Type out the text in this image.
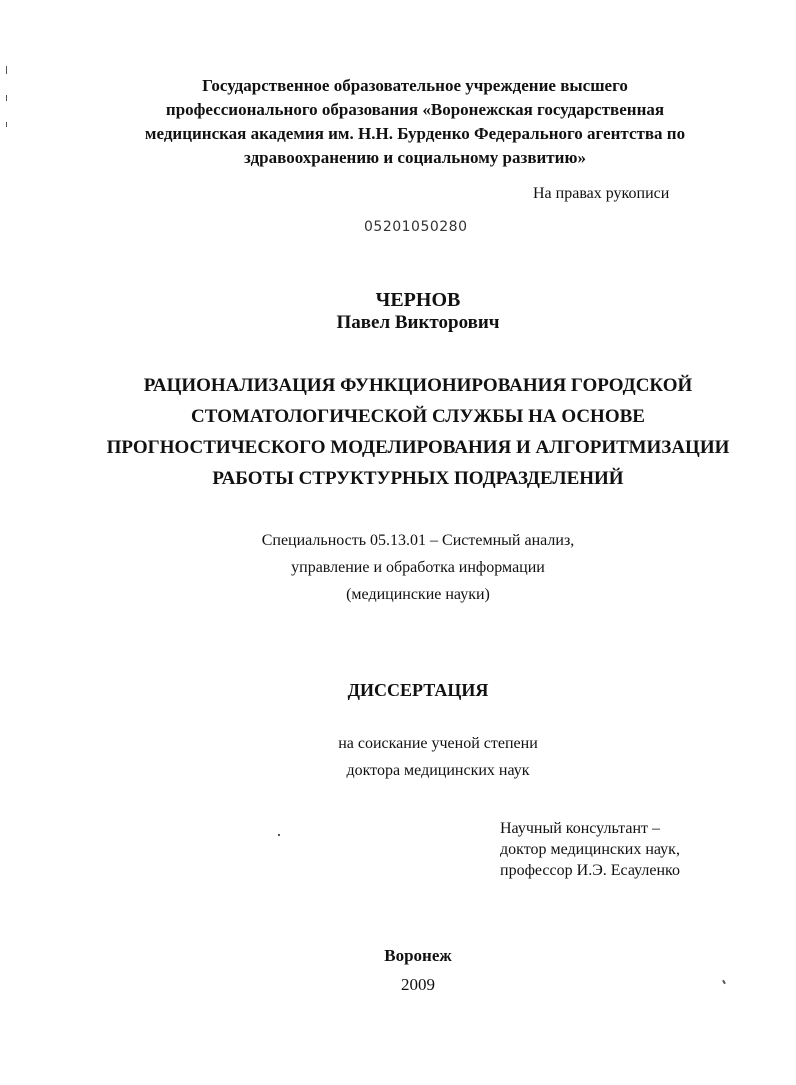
Государственное образовательное учреждение высшего
профессионального образования «Воронежская государственная
медицинская академия им. Н.Н. Бурденко Федерального агентства по
здравоохранению и социальному развитию»
На правах рукописи
05201050280
ЧЕРНОВ
Павел Викторович
РАЦИОНАЛИЗАЦИЯ ФУНКЦИОНИРОВАНИЯ ГОРОДСКОЙ
СТОМАТОЛОГИЧЕСКОЙ СЛУЖБЫ НА ОСНОВЕ
ПРОГНОСТИЧЕСКОГО МОДЕЛИРОВАНИЯ И АЛГОРИТМИЗАЦИИ
РАБОТЫ СТРУКТУРНЫХ ПОДРАЗДЕЛЕНИЙ
Специальность 05.13.01 – Системный анализ,
управление и обработка информации
(медицинские науки)
ДИССЕРТАЦИЯ
на соискание ученой степени
доктора медицинских наук
Научный консультант –
доктор медицинских наук,
профессор И.Э. Есауленко
Воронеж
2009
